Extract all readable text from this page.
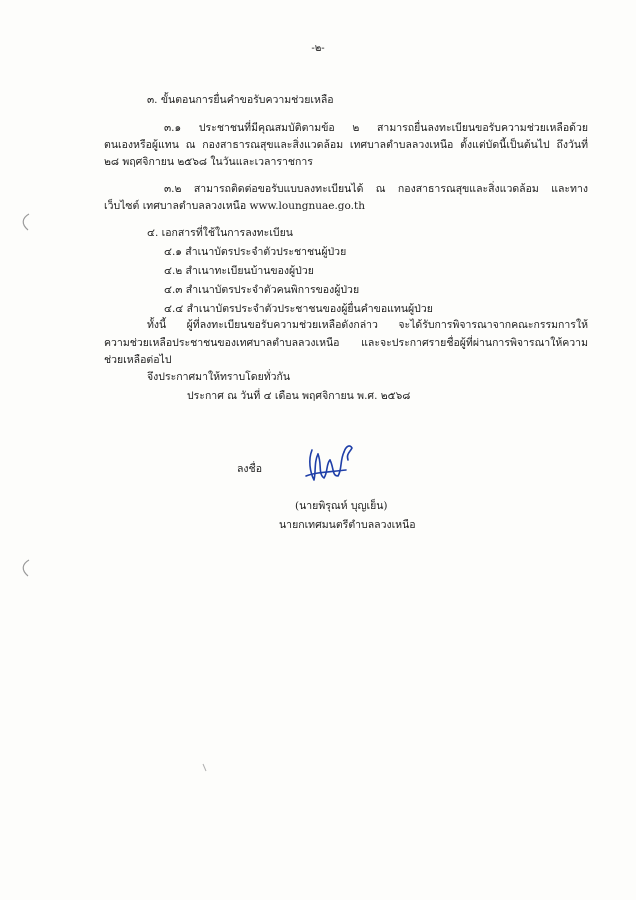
-๒-
๓. ขั้นตอนการยื่นคำขอรับความช่วยเหลือ
๓.๑ ประชาชนที่มีคุณสมบัติตามข้อ ๒ สามารถยื่นลงทะเบียนขอรับความช่วยเหลือด้วย
ตนเองหรือผู้แทน ณ กองสาธารณสุขและสิ่งแวดล้อม เทศบาลตำบลลวงเหนือ ตั้งแต่บัดนี้เป็นต้นไป ถึงวันที่
๒๘ พฤศจิกายน ๒๕๖๘ ในวันและเวลาราชการ
๓.๒ สามารถติดต่อขอรับแบบลงทะเบียนได้ ณ กองสาธารณสุขและสิ่งแวดล้อม และทาง
เว็บไซต์ เทศบาลตำบลลวงเหนือ www.loungnuae.go.th
๔. เอกสารที่ใช้ในการลงทะเบียน
๔.๑ สำเนาบัตรประจำตัวประชาชนผู้ป่วย
๔.๒ สำเนาทะเบียนบ้านของผู้ป่วย
๔.๓ สำเนาบัตรประจำตัวคนพิการของผู้ป่วย
๔.๔ สำเนาบัตรประจำตัวประชาชนของผู้ยื่นคำขอแทนผู้ป่วย
ทั้งนี้ ผู้ที่ลงทะเบียนขอรับความช่วยเหลือดังกล่าว จะได้รับการพิจารณาจากคณะกรรมการให้
ความช่วยเหลือประชาชนของเทศบาลตำบลลวงเหนือ และจะประกาศรายชื่อผู้ที่ผ่านการพิจารณาให้ความ
ช่วยเหลือต่อไป
จึงประกาศมาให้ทราบโดยทั่วกัน
ประกาศ ณ วันที่ ๔ เดือน พฤศจิกายน พ.ศ. ๒๕๖๘
ลงชื่อ
(นายพิรุณห์ บุญเย็น)
นายกเทศมนตรีตำบลลวงเหนือ
